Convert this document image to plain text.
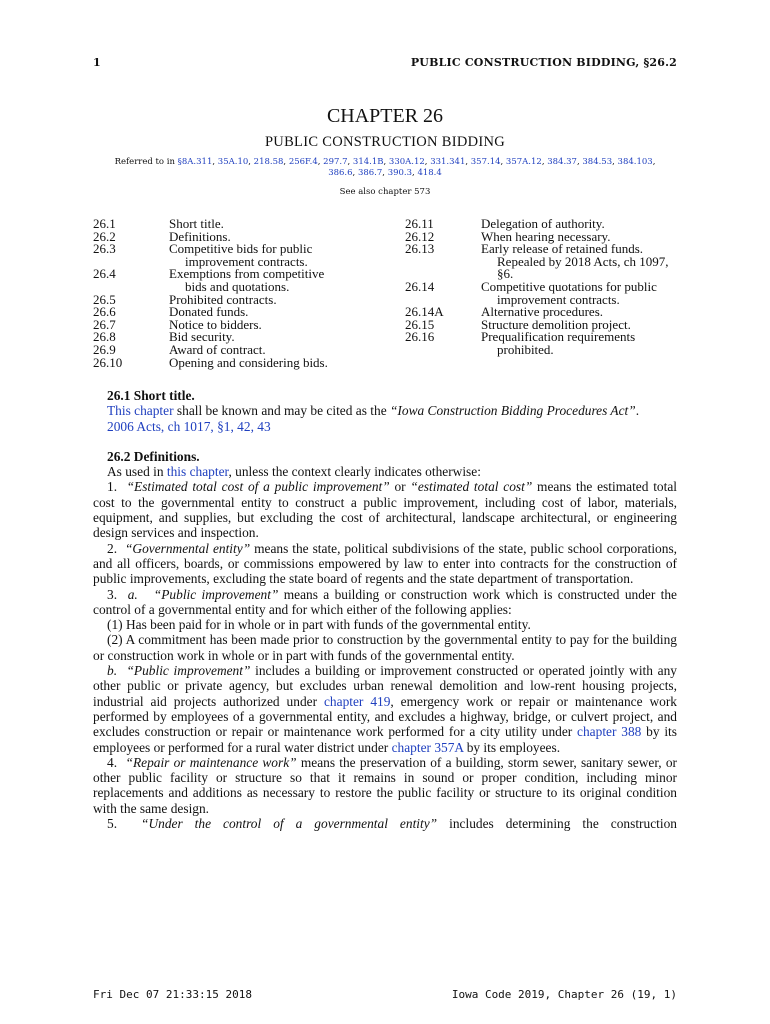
1	PUBLIC CONSTRUCTION BIDDING, §26.2
CHAPTER 26
PUBLIC CONSTRUCTION BIDDING
Referred to in §8A.311, 35A.10, 218.58, 256F.4, 297.7, 314.1B, 330A.12, 331.341, 357.14, 357A.12, 384.37, 384.53, 384.103, 386.6, 386.7, 390.3, 418.4
See also chapter 573
26.1	Short title.
26.2	Definitions.
26.3	Competitive bids for public
improvement contracts.
26.4	Exemptions from competitive
bids and quotations.
26.5	Prohibited contracts.
26.6	Donated funds.
26.7	Notice to bidders.
26.8	Bid security.
26.9	Award of contract.
26.10	Opening and considering bids.
26.11	Delegation of authority.
26.12	When hearing necessary.
26.13	Early release of retained funds.
Repealed by 2018 Acts, ch 1097, §6.
26.14	Competitive quotations for public
improvement contracts.
26.14A	Alternative procedures.
26.15	Structure demolition project.
26.16	Prequalification requirements
prohibited.

26.1 Short title.

This chapter shall be known and may be cited as the “Iowa Construction Bidding Procedures Act”.

2006 Acts, ch 1017, §1, 42, 43

26.2 Definitions.

As used in this chapter, unless the context clearly indicates otherwise:

1. “Estimated total cost of a public improvement” or “estimated total cost” means the estimated total cost to the governmental entity to construct a public improvement, including cost of labor, materials, equipment, and supplies, but excluding the cost of architectural, landscape architectural, or engineering design services and inspection.

2. “Governmental entity” means the state, political subdivisions of the state, public school corporations, and all officers, boards, or commissions empowered by law to enter into contracts for the construction of public improvements, excluding the state board of regents and the state department of transportation.

3. a. “Public improvement” means a building or construction work which is constructed under the control of a governmental entity and for which either of the following applies:

(1) Has been paid for in whole or in part with funds of the governmental entity.

(2) A commitment has been made prior to construction by the governmental entity to pay for the building or construction work in whole or in part with funds of the governmental entity.

b. “Public improvement” includes a building or improvement constructed or operated jointly with any other public or private agency, but excludes urban renewal demolition and low-rent housing projects, industrial aid projects authorized under chapter 419, emergency work or repair or maintenance work performed by employees of a governmental entity, and excludes a highway, bridge, or culvert project, and excludes construction or repair or maintenance work performed for a city utility under chapter 388 by its employees or performed for a rural water district under chapter 357A by its employees.

4. “Repair or maintenance work” means the preservation of a building, storm sewer, sanitary sewer, or other public facility or structure so that it remains in sound or proper condition, including minor replacements and additions as necessary to restore the public facility or structure to its original condition with the same design.

5. “Under the control of a governmental entity” includes determining the construction

Fri Dec 07 21:33:15 2018	Iowa Code 2019, Chapter 26 (19, 1)
